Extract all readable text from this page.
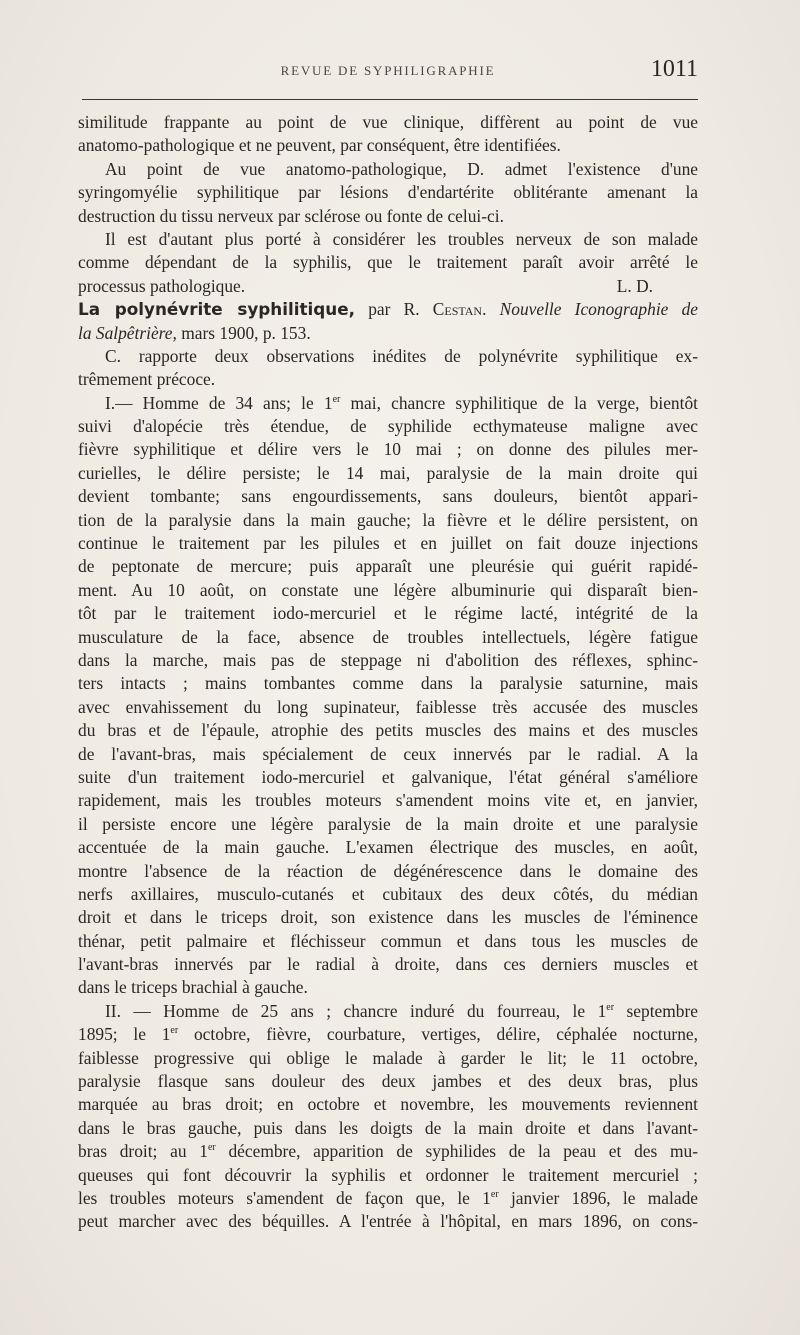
REVUE DE SYPHILIGRAPHIE	1011
similitude frappante au point de vue clinique, diffèrent au point de vue
anatomo-pathologique et ne peuvent, par conséquent, être identifiées.
Au point de vue anatomo-pathologique, D. admet l'existence d'une
syringomyélie syphilitique par lésions d'endartérite oblitérante amenant la
destruction du tissu nerveux par sclérose ou fonte de celui-ci.
Il est d'autant plus porté à considérer les troubles nerveux de son malade
comme dépendant de la syphilis, que le traitement paraît avoir arrêté le
processus pathologique.	L. D.
La polynévrite syphilitique, par R. Cestan. Nouvelle Iconographie de
la Salpêtrière, mars 1900, p. 153.
C. rapporte deux observations inédites de polynévrite syphilitique ex-
trêmement précoce.
I.— Homme de 34 ans; le 1er mai, chancre syphilitique de la verge, bientôt
suivi d'alopécie très étendue, de syphilide ecthymateuse maligne avec
fièvre syphilitique et délire vers le 10 mai ; on donne des pilules mer-
curielles, le délire persiste; le 14 mai, paralysie de la main droite qui
devient tombante; sans engourdissements, sans douleurs, bientôt appari-
tion de la paralysie dans la main gauche; la fièvre et le délire persistent, on
continue le traitement par les pilules et en juillet on fait douze injections
de peptonate de mercure; puis apparaît une pleurésie qui guérit rapidé-
ment. Au 10 août, on constate une légère albuminurie qui disparaît bien-
tôt par le traitement iodo-mercuriel et le régime lacté, intégrité de la
musculature de la face, absence de troubles intellectuels, légère fatigue
dans la marche, mais pas de steppage ni d'abolition des réflexes, sphinc-
ters intacts ; mains tombantes comme dans la paralysie saturnine, mais
avec envahissement du long supinateur, faiblesse très accusée des muscles
du bras et de l'épaule, atrophie des petits muscles des mains et des muscles
de l'avant-bras, mais spécialement de ceux innervés par le radial. A la
suite d'un traitement iodo-mercuriel et galvanique, l'état général s'améliore
rapidement, mais les troubles moteurs s'amendent moins vite et, en janvier,
il persiste encore une légère paralysie de la main droite et une paralysie
accentuée de la main gauche. L'examen électrique des muscles, en août,
montre l'absence de la réaction de dégénérescence dans le domaine des
nerfs axillaires, musculo-cutanés et cubitaux des deux côtés, du médian
droit et dans le triceps droit, son existence dans les muscles de l'éminence
thénar, petit palmaire et fléchisseur commun et dans tous les muscles de
l'avant-bras innervés par le radial à droite, dans ces derniers muscles et
dans le triceps brachial à gauche.
II. — Homme de 25 ans ; chancre induré du fourreau, le 1er septembre
1895; le 1er octobre, fièvre, courbature, vertiges, délire, céphalée nocturne,
faiblesse progressive qui oblige le malade à garder le lit; le 11 octobre,
paralysie flasque sans douleur des deux jambes et des deux bras, plus
marquée au bras droit; en octobre et novembre, les mouvements reviennent
dans le bras gauche, puis dans les doigts de la main droite et dans l'avant-
bras droit; au 1er décembre, apparition de syphilides de la peau et des mu-
queuses qui font découvrir la syphilis et ordonner le traitement mercuriel ;
les troubles moteurs s'amendent de façon que, le 1er janvier 1896, le malade
peut marcher avec des béquilles. A l'entrée à l'hôpital, en mars 1896, on cons-
